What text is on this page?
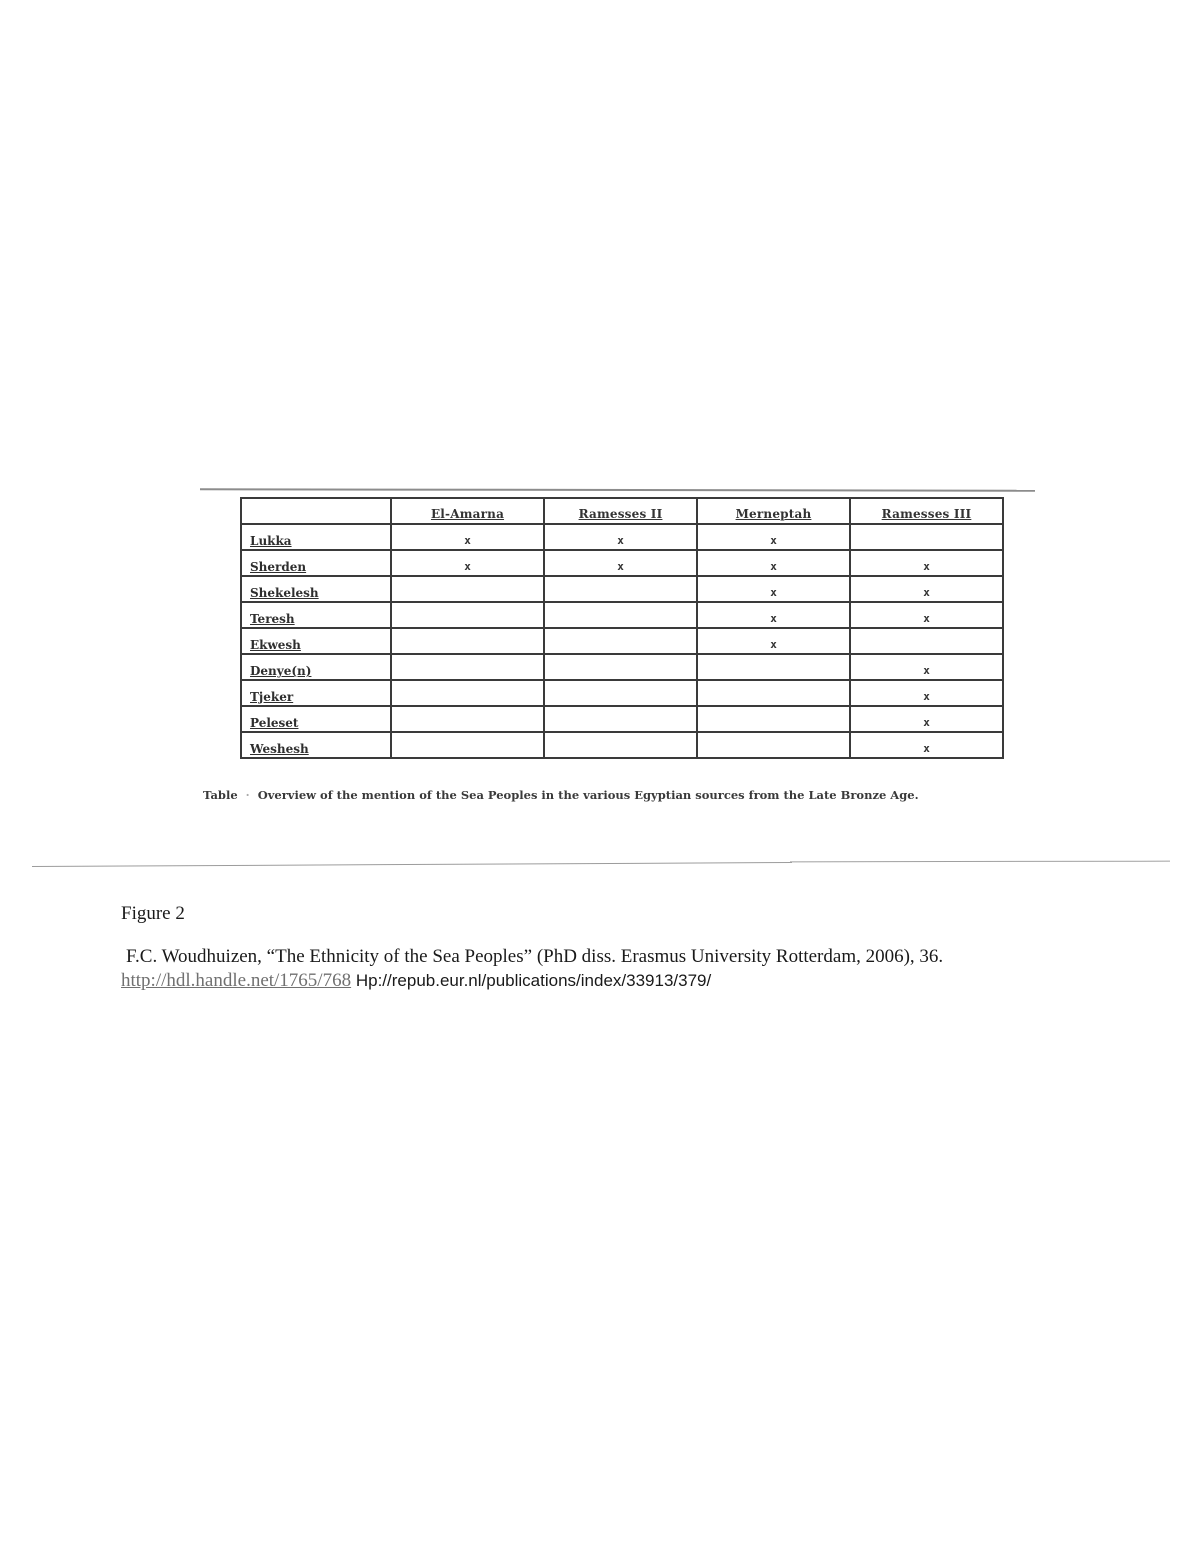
	El-Amarna	Ramesses II	Merneptah	Ramesses III
Lukka	x	x	x	
Sherden	x	x	x	x
Shekelesh			x	x
Teresh			x	x
Ekwesh			x	
Denye(n)				x
Tjeker				x
Peleset				x
Weshesh				x
Table  ·  Overview of the mention of the Sea Peoples in the various Egyptian sources from the Late Bronze Age.
Figure 2
F.C. Woudhuizen, “The Ethnicity of the Sea Peoples” (PhD diss. Erasmus University Rotterdam, 2006), 36.
http://hdl.handle.net/1765/768 Hp://repub.eur.nl/publications/index/33913/379/
